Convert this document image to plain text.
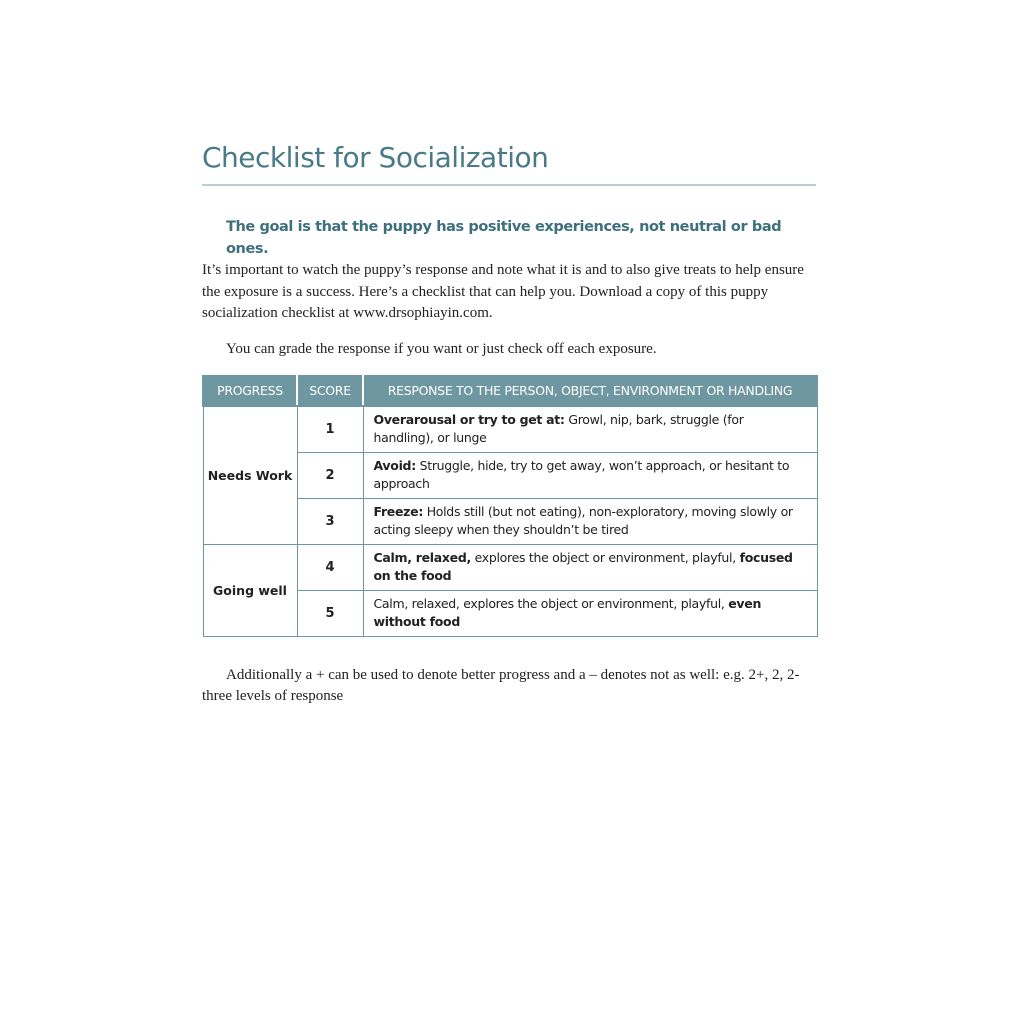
Checklist for Socialization
The goal is that the puppy has positive experiences, not neutral or bad ones.
It’s important to watch the puppy’s response and note what it is and to also give treats to help ensure the exposure is a success. Here’s a checklist that can help you. Download a copy of this puppy socialization checklist at www.drsophiayin.com.
You can grade the response if you want or just check off each exposure.
PROGRESS	SCORE	RESPONSE TO THE PERSON, OBJECT, ENVIRONMENT OR HANDLING
Needs Work	1	Overarousal or try to get at: Growl, nip, bark, struggle (for handling), or lunge
	2	Avoid: Struggle, hide, try to get away, won’t approach, or hesitant to approach
	3	Freeze: Holds still (but not eating), non-exploratory, moving slowly or acting sleepy when they shouldn’t be tired
Going well	4	Calm, relaxed, explores the object or environment, playful, focused on the food
	5	Calm, relaxed, explores the object or environment, playful, even without food
Additionally a + can be used to denote better progress and a – denotes not as well: e.g. 2+, 2, 2- three levels of response
